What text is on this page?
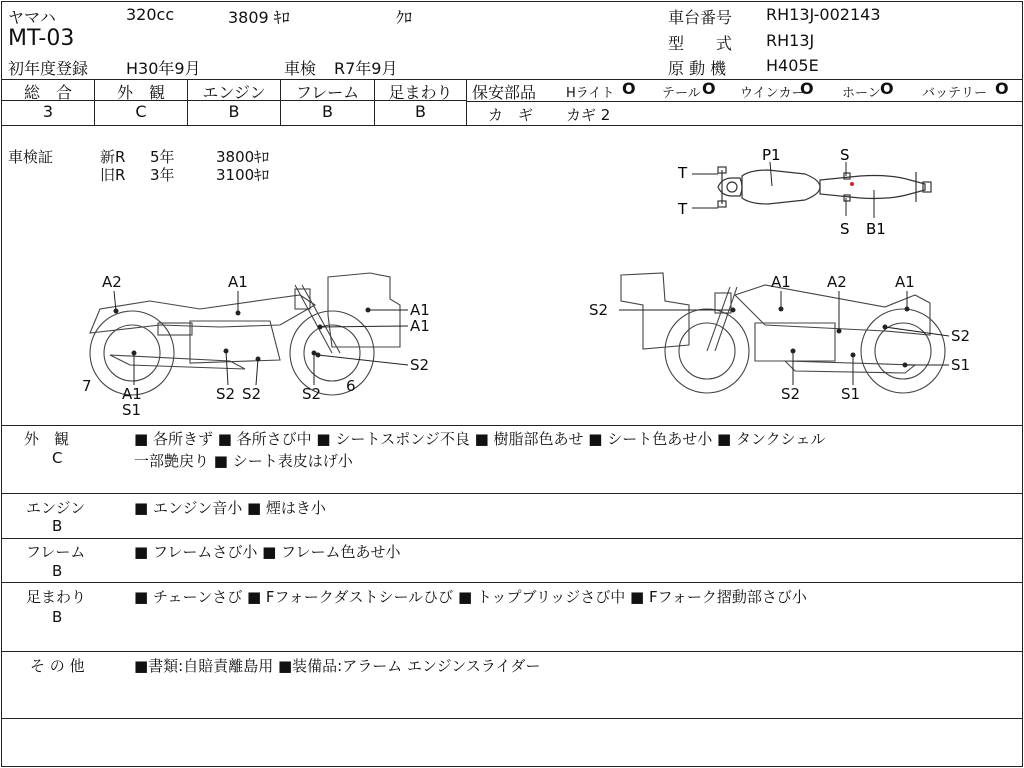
ヤマハ	320cc	3809 ｷﾛ	ｸﾛ
MT-03
初年度登録 H30年9月	車検 R7年9月
車台番号 RH13J-002143
型　　式 RH13J
原 動 機 H405E
総　合	外　観	エンジン	フレーム	足まわり
3	C	B	B	B
保安部品 Hライト O テール O ウインカー
O ホーン O バッテリー O
カ　ギ カギ 2
車検証	新R 5年	3800ｷﾛ
旧R 3年	3100ｷﾛ
P1	S
S B1
T
T
A2	A1
A1
A1
S2
7 A1
S1
S2 S2	S2 6
S2
A1 A2	A1
S2
S1
S2	S1
外　観
C
■ 各所きず ■ 各所さび中 ■ シートスポンジ不良 ■ 樹脂部色あせ ■ シート色あせ小 ■ タンクシェル
一部艶戻り ■ シート表皮はげ小
エンジン
B
■ エンジン音小 ■ 煙はき小
フレーム
B
■ フレームさび小 ■ フレーム色あせ小
足まわり
B
■ チェーンさび ■ Fフォークダストシールひび ■ トップブリッジさび中 ■ Fフォーク摺動部さび小
そ の 他	■書類:自賠責離島用 ■装備品:アラーム エンジンスライダー
